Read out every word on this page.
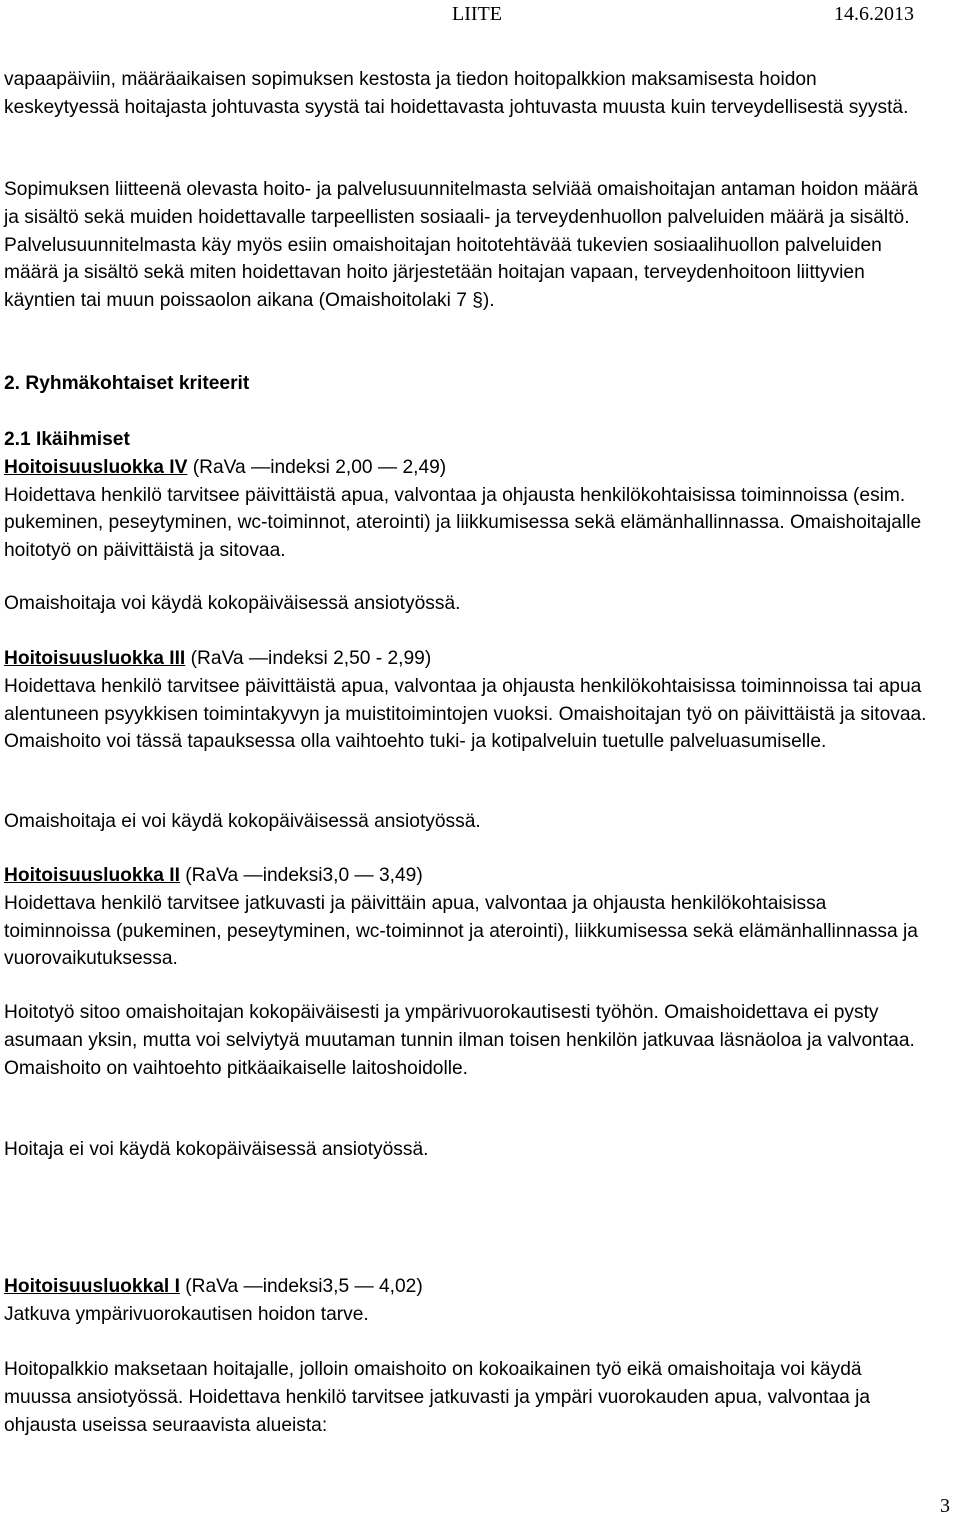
LIITE	14.6.2013

vapaapäiviin, määräaikaisen sopimuksen kestosta ja tiedon hoitopalkkion maksamisesta hoidon keskeytyessä hoitajasta johtuvasta syystä tai hoidettavasta johtuvasta muusta kuin terveydellisestä syystä.

Sopimuksen liitteenä olevasta hoito- ja palvelusuunnitelmasta selviää omaishoitajan antaman hoidon määrä ja sisältö sekä muiden hoidettavalle tarpeellisten sosiaali- ja terveydenhuollon palveluiden määrä ja sisältö. Palvelusuunnitelmasta käy myös esiin omaishoitajan hoitotehtävää tukevien sosiaalihuollon palveluiden määrä ja sisältö sekä miten hoidettavan hoito järjestetään hoitajan vapaan, terveydenhoitoon liittyvien käyntien tai muun poissaolon aikana (Omaishoitolaki 7 §).

2. Ryhmäkohtaiset kriteerit

2.1 Ikäihmiset

Hoitoisuusluokka IV (RaVa —indeksi 2,00 — 2,49)

Hoidettava henkilö tarvitsee päivittäistä apua, valvontaa ja ohjausta henkilökohtaisissa toiminnoissa (esim. pukeminen, peseytyminen, wc-toiminnot, aterointi) ja liikkumisessa sekä elämänhallinnassa. Omaishoitajalle hoitotyö on päivittäistä ja sitovaa.

Omaishoitaja voi käydä kokopäiväisessä ansiotyössä.

Hoitoisuusluokka III (RaVa —indeksi 2,50 - 2,99)

Hoidettava henkilö tarvitsee päivittäistä apua, valvontaa ja ohjausta henkilökohtaisissa toiminnoissa tai apua alentuneen psyykkisen toimintakyvyn ja muistitoimintojen vuoksi. Omaishoitajan työ on päivittäistä ja sitovaa. Omaishoito voi tässä tapauksessa olla vaihtoehto tuki- ja kotipalveluin tuetulle palveluasumiselle.

Omaishoitaja ei voi käydä kokopäiväisessä ansiotyössä.

Hoitoisuusluokka II (RaVa —indeksi3,0 — 3,49)

Hoidettava henkilö tarvitsee jatkuvasti ja päivittäin apua, valvontaa ja ohjausta henkilökohtaisissa toiminnoissa (pukeminen, peseytyminen, wc-toiminnot ja aterointi), liikkumisessa sekä elämänhallinnassa ja vuorovaikutuksessa.

Hoitotyö sitoo omaishoitajan kokopäiväisesti ja ympärivuorokautisesti työhön. Omaishoidettava ei pysty asumaan yksin, mutta voi selviytyä muutaman tunnin ilman toisen henkilön jatkuvaa läsnäoloa ja valvontaa. Omaishoito on vaihtoehto pitkäaikaiselle laitoshoidolle.
Hoitaja ei voi käydä kokopäiväisessä ansiotyössä.

Hoitoisuusluokkal I (RaVa —indeksi3,5 — 4,02)

Jatkuva ympärivuorokautisen hoidon tarve.

Hoitopalkkio maksetaan hoitajalle, jolloin omaishoito on kokoaikainen työ eikä omaishoitaja voi käydä muussa ansiotyössä. Hoidettava henkilö tarvitsee jatkuvasti ja ympäri vuorokauden apua, valvontaa ja ohjausta useissa seuraavista alueista:
3
